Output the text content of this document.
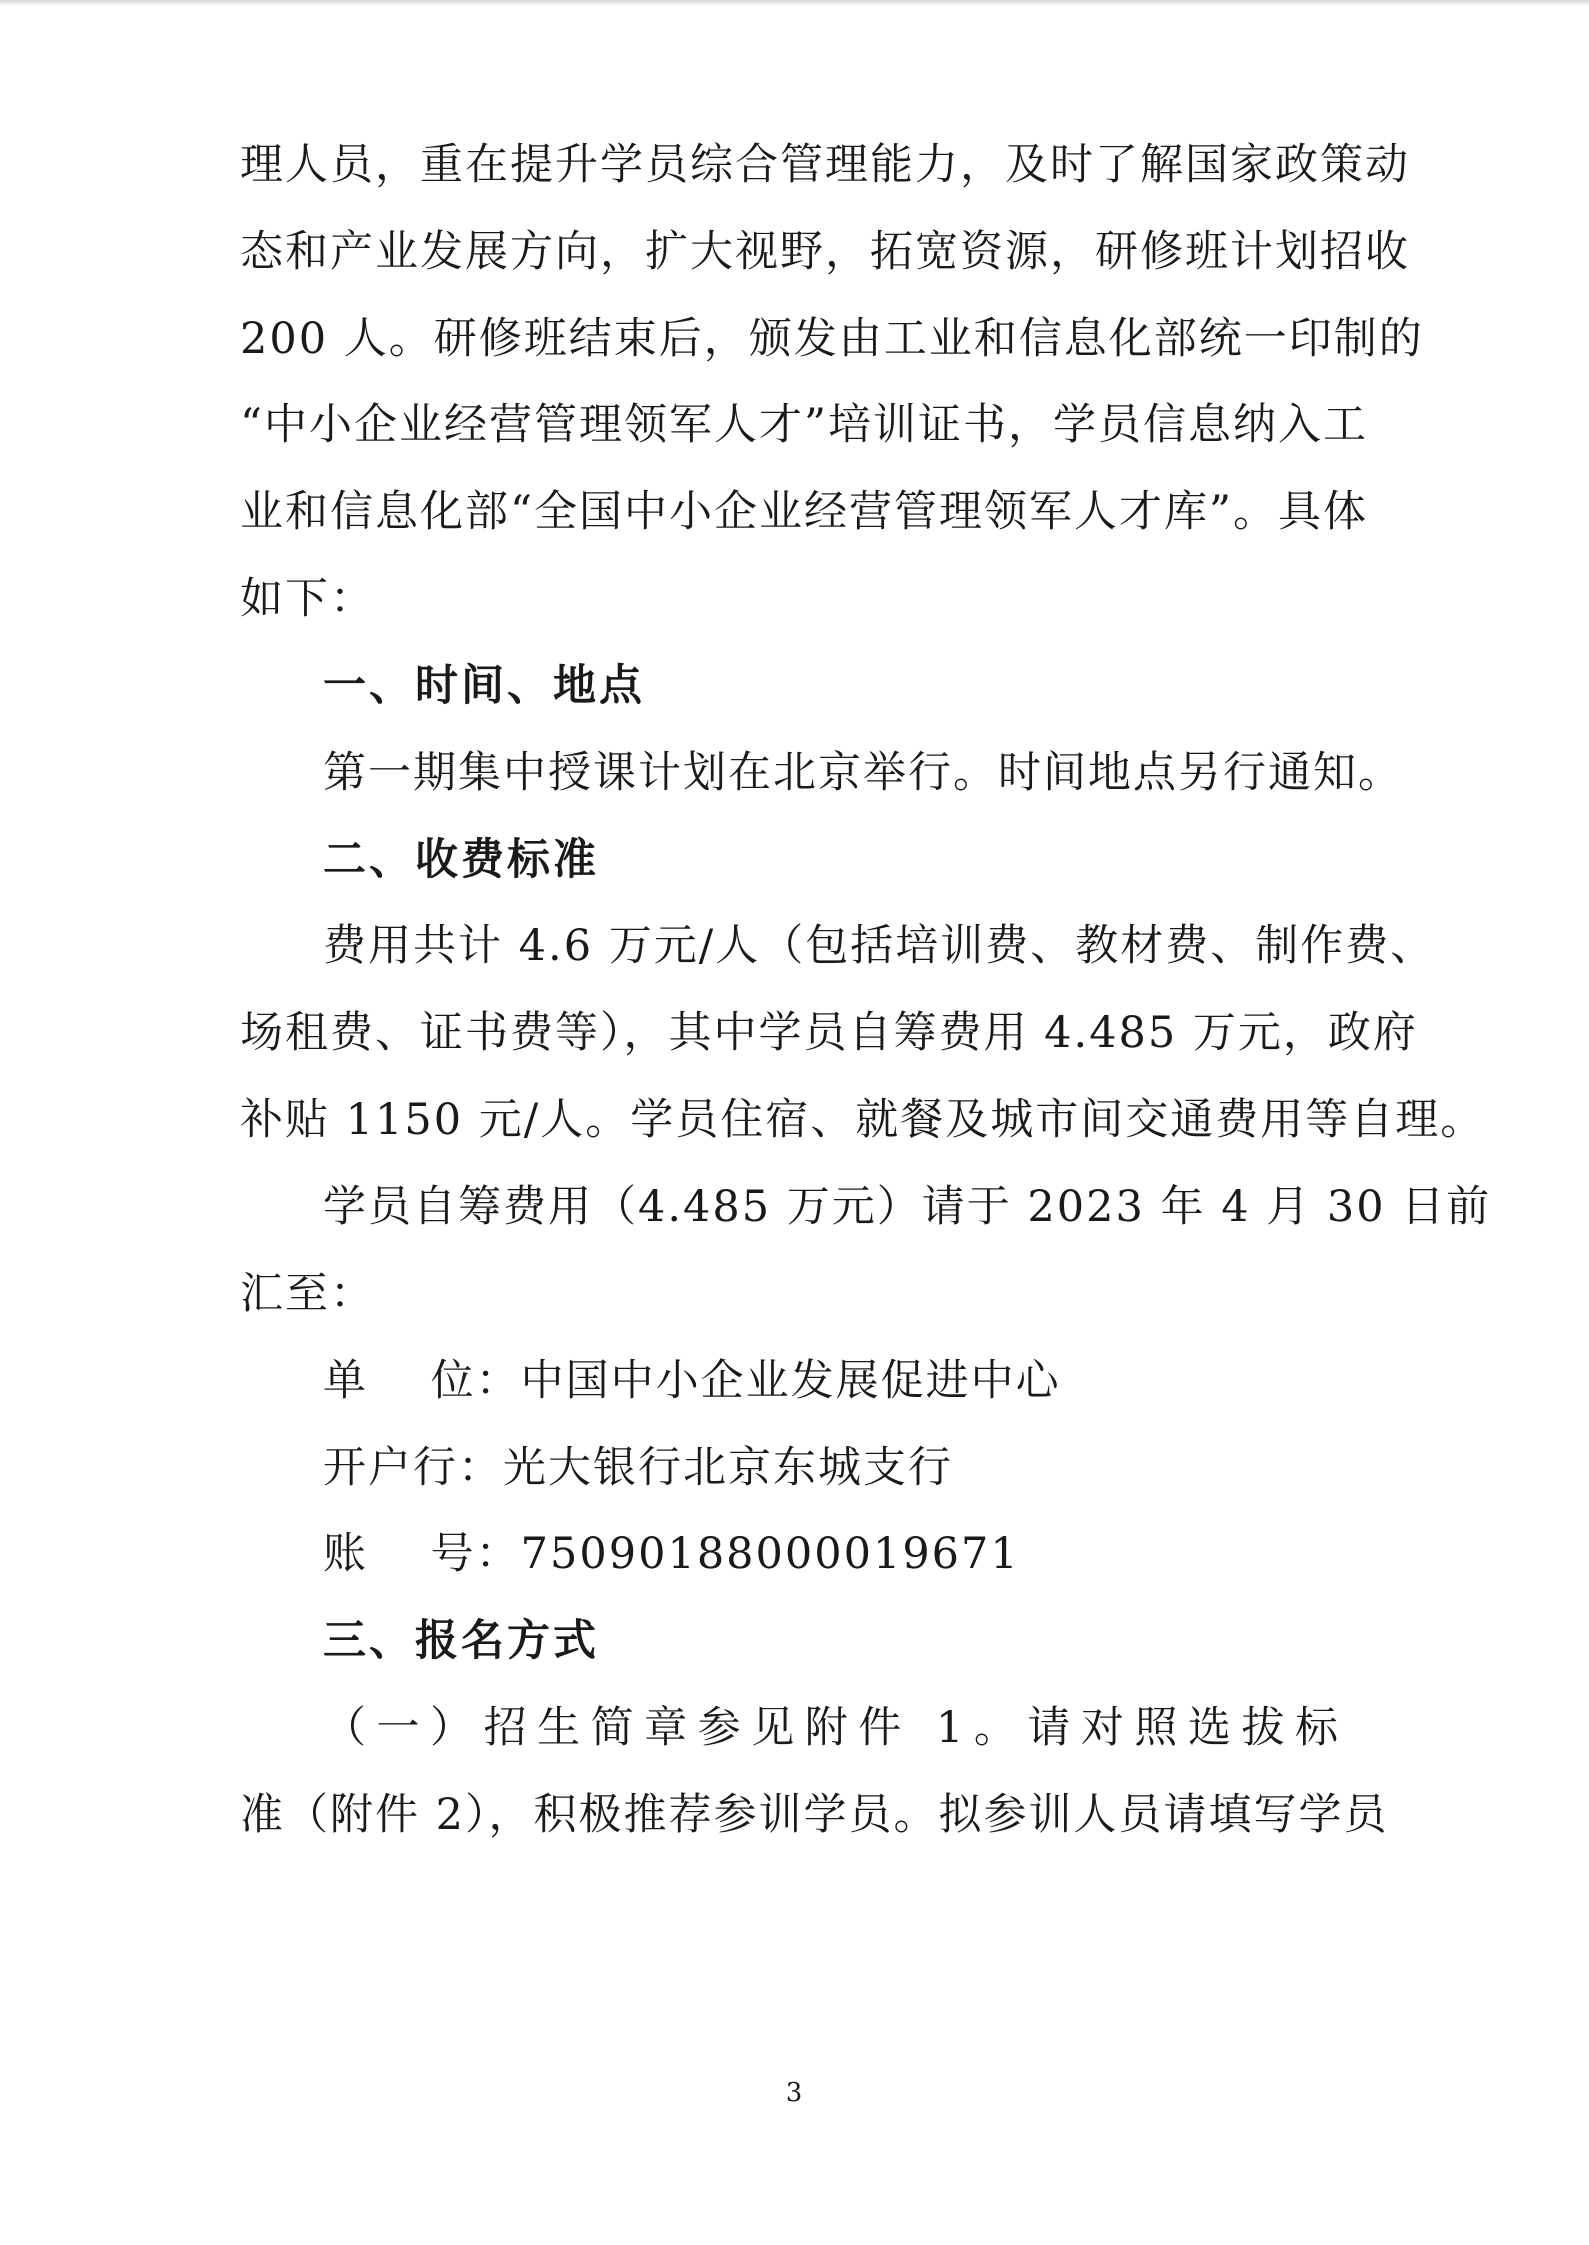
理人员，重在提升学员综合管理能力，及时了解国家政策动
态和产业发展方向，扩大视野，拓宽资源，研修班计划招收
200 人。研修班结束后，颁发由工业和信息化部统一印制的
“中小企业经营管理领军人才”培训证书，学员信息纳入工
业和信息化部“全国中小企业经营管理领军人才库”。具体
如下：
一、时间、地点
第一期集中授课计划在北京举行。时间地点另行通知。
二、收费标准
费用共计 4.6 万元/人（包括培训费、教材费、制作费、
场租费、证书费等），其中学员自筹费用 4.485 万元，政府
补贴 1150 元/人。学员住宿、就餐及城市间交通费用等自理。
学员自筹费用（4.485 万元）请于 2023 年 4 月 30 日前
汇至：
单    位：中国中小企业发展促进中心
开户行：光大银行北京东城支行
账    号：75090188000019671
三、报名方式
（一）招生简章参见附件 1。请对照选拔标
准（附件 2），积极推荐参训学员。拟参训人员请填写学员
3
